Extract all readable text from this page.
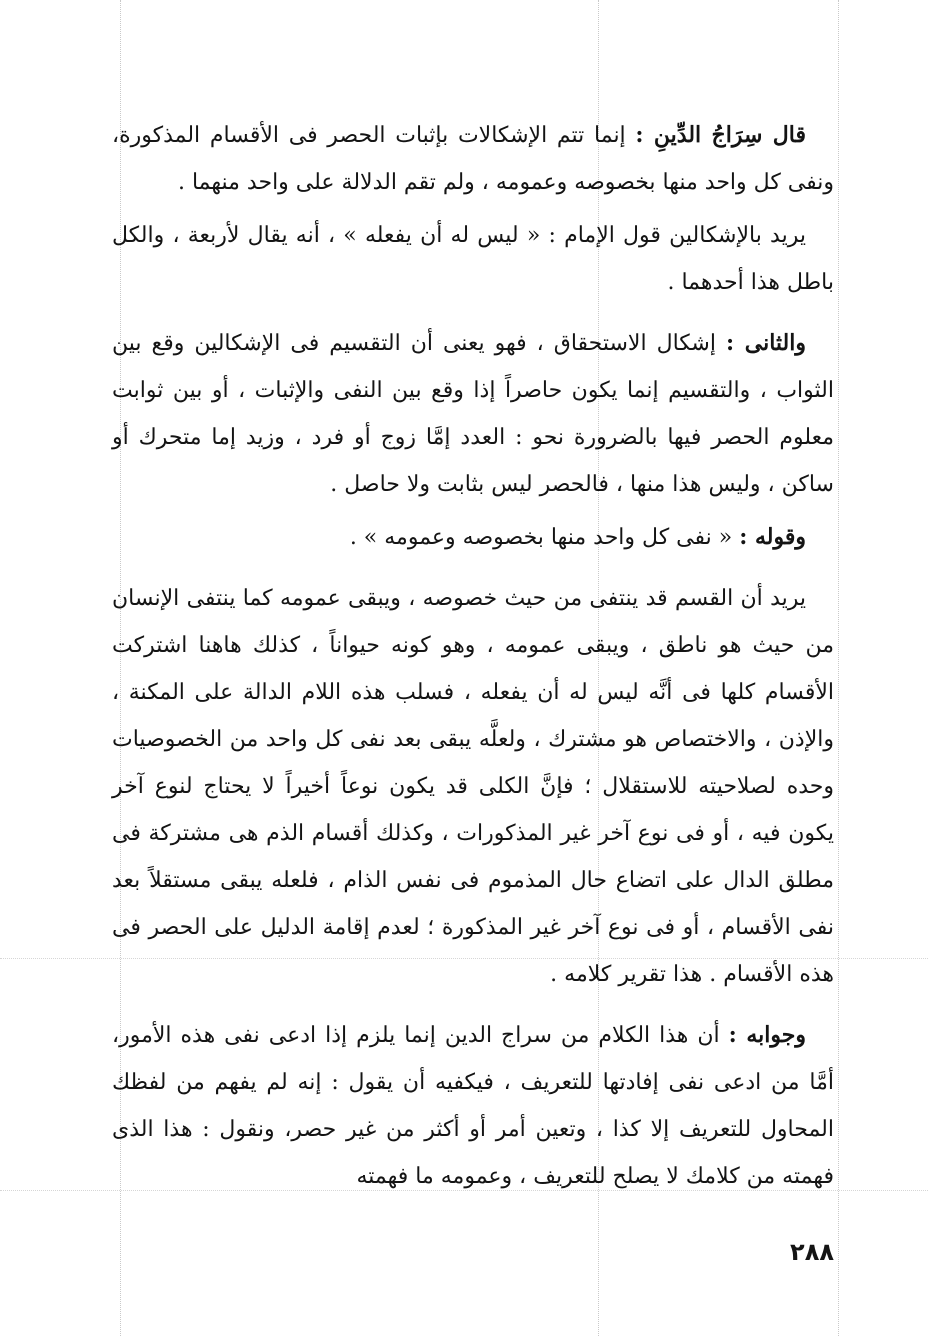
قال سِرَاجُ الدِّينِ : إنما تتم الإشكالات بإثبات الحصر فى الأقسام المذكورة، ونفى كل واحد منها بخصوصه وعمومه ، ولم تقم الدلالة على واحد منهما .

يريد بالإشكالين قول الإمام : « ليس له أن يفعله » ، أنه يقال لأربعة ، والكل باطل هذا أحدهما .

والثانى : إشكال الاستحقاق ، فهو يعنى أن التقسيم فى الإشكالين وقع بين الثواب ، والتقسيم إنما يكون حاصراً إذا وقع بين النفى والإثبات ، أو بين ثوابت معلوم الحصر فيها بالضرورة نحو : العدد إمَّا زوج أو فرد ، وزيد إما متحرك أو ساكن ، وليس هذا منها ، فالحصر ليس بثابت ولا حاصل .

وقوله : « نفى كل واحد منها بخصوصه وعمومه » .

يريد أن القسم قد ينتفى من حيث خصوصه ، ويبقى عمومه كما ينتفى الإنسان من حيث هو ناطق ، ويبقى عمومه ، وهو كونه حيواناً ، كذلك هاهنا اشتركت الأقسام كلها فى أنَّه ليس له أن يفعله ، فسلب هذه اللام الدالة على المكنة ، والإذن ، والاختصاص هو مشترك ، ولعلَّه يبقى بعد نفى كل واحد من الخصوصيات وحده لصلاحيته للاستقلال ؛ فإنَّ الكلى قد يكون نوعاً أخيراً لا يحتاج لنوع آخر يكون فيه ، أو فى نوع آخر غير المذكورات ، وكذلك أقسام الذم هى مشتركة فى مطلق الدال على اتضاع حال المذموم فى نفس الذام ، فلعله يبقى مستقلاً بعد نفى الأقسام ، أو فى نوع آخر غير المذكورة ؛ لعدم إقامة الدليل على الحصر فى هذه الأقسام . هذا تقرير كلامه .

وجوابه : أن هذا الكلام من سراج الدين إنما يلزم إذا ادعى نفى هذه الأمور، أمَّا من ادعى نفى إفادتها للتعريف ، فيكفيه أن يقول : إنه لم يفهم من لفظك المحاول للتعريف إلا كذا ، وتعين أمر أو أكثر من غير حصر، ونقول : هذا الذى فهمته من كلامك لا يصلح للتعريف ، وعمومه ما فهمته

٢٨٨
